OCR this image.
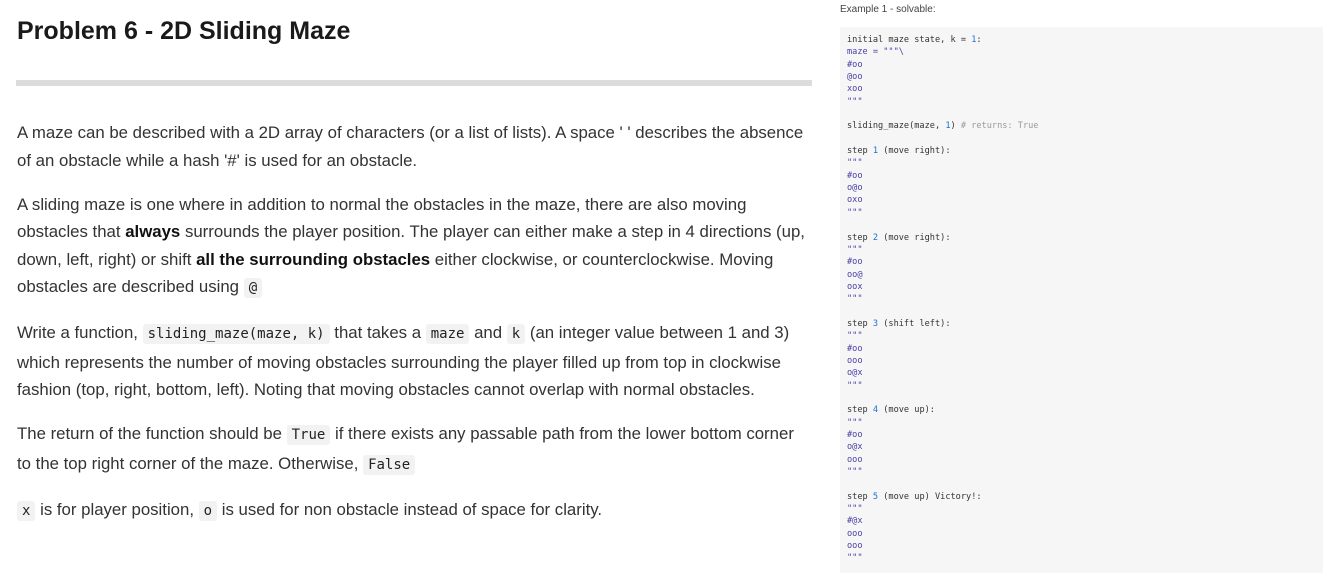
Problem 6 - 2D Sliding Maze

A maze can be described with a 2D array of characters (or a list of lists). A space ' ' describes the absence of an obstacle while a hash '#' is used for an obstacle.

A sliding maze is one where in addition to normal the obstacles in the maze, there are also moving obstacles that always surrounds the player position. The player can either make a step in 4 directions (up, down, left, right) or shift all the surrounding obstacles either clockwise, or counterclockwise. Moving obstacles are described using @

Write a function, sliding_maze(maze, k) that takes a maze and k (an integer value between 1 and 3) which represents the number of moving obstacles surrounding the player filled up from top in clockwise fashion (top, right, bottom, left). Noting that moving obstacles cannot overlap with normal obstacles.

The return of the function should be True if there exists any passable path from the lower bottom corner to the top right corner of the maze. Otherwise, False

x is for player position, o is used for non obstacle instead of space for clarity.

Example 1 - solvable:
initial maze state, k = 1:
maze = """\
#oo
@oo
xoo
"""

sliding_maze(maze, 1) # returns: True

step 1 (move right):
"""
#oo
o@o
oxo
"""

step 2 (move right):
"""
#oo
oo@
oox
"""

step 3 (shift left):
"""
#oo
ooo
o@x
"""

step 4 (move up):
"""
#oo
o@x
ooo
"""

step 5 (move up) Victory!:
"""
#@x
ooo
ooo
"""
